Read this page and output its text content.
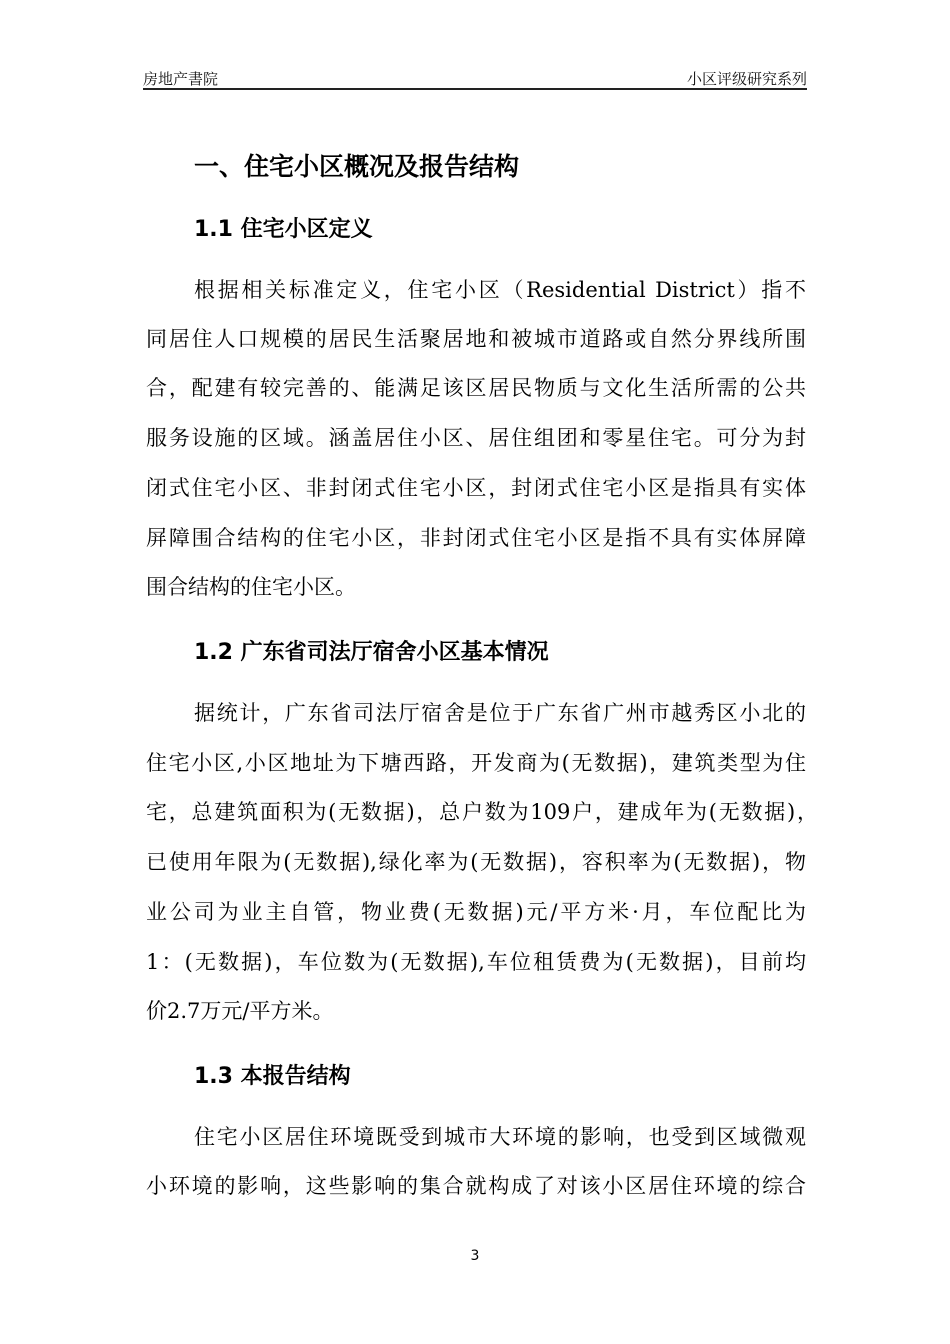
房地产書院	小区评级研究系列
一、住宅小区概况及报告结构
1.1 住宅小区定义
根据相关标准定义，住宅小区（Residential District）指不
同居住人口规模的居民生活聚居地和被城市道路或自然分界线所围
合，配建有较完善的、能满足该区居民物质与文化生活所需的公共
服务设施的区域。涵盖居住小区、居住组团和零星住宅。可分为封
闭式住宅小区、非封闭式住宅小区，封闭式住宅小区是指具有实体
屏障围合结构的住宅小区，非封闭式住宅小区是指不具有实体屏障
围合结构的住宅小区。
1.2 广东省司法厅宿舍小区基本情况
据统计，广东省司法厅宿舍是位于广东省广州市越秀区小北的
住宅小区,小区地址为下塘西路，开发商为(无数据)，建筑类型为住
宅，总建筑面积为(无数据)，总户数为109户，建成年为(无数据)，
已使用年限为(无数据),绿化率为(无数据)，容积率为(无数据)，物
业公司为业主自管，物业费(无数据)元/平方米·月，车位配比为
1：(无数据)，车位数为(无数据),车位租赁费为(无数据)，目前均
价2.7万元/平方米。
1.3 本报告结构
住宅小区居住环境既受到城市大环境的影响，也受到区域微观
小环境的影响，这些影响的集合就构成了对该小区居住环境的综合
3
